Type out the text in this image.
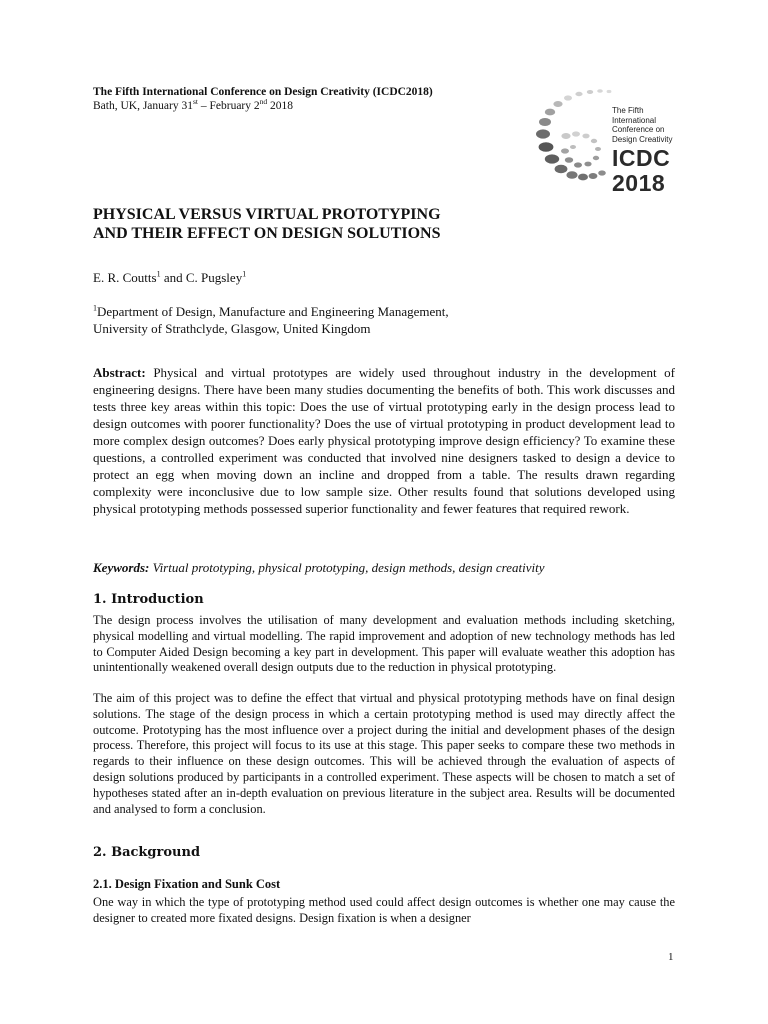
The Fifth International Conference on Design Creativity (ICDC2018)
Bath, UK, January 31st – February 2nd 2018	The Fifth
International
Conference on
Design Creativity
ICDC
2018
PHYSICAL VERSUS VIRTUAL PROTOTYPING
AND THEIR EFFECT ON DESIGN SOLUTIONS
E. R. Coutts$^1$ and C. Pugsley$^1$
$^1$Department of Design, Manufacture and Engineering Management,
University of Strathclyde, Glasgow, United Kingdom

Abstract: Physical and virtual prototypes are widely used throughout industry in the development of engineering designs. There have been many studies documenting the benefits of both. This work discusses and tests three key areas within this topic: Does the use of virtual prototyping early in the design process lead to design outcomes with poorer functionality? Does the use of virtual prototyping in product development lead to more complex design outcomes? Does early physical prototyping improve design efficiency? To examine these questions, a controlled experiment was conducted that involved nine designers tasked to design a device to protect an egg when moving down an incline and dropped from a table. The results drawn regarding complexity were inconclusive due to low sample size. Other results found that solutions developed using physical prototyping methods possessed superior functionality and fewer features that required rework.

Keywords: Virtual prototyping, physical prototyping, design methods, design creativity
1. Introduction

The design process involves the utilisation of many development and evaluation methods including sketching, physical modelling and virtual modelling. The rapid improvement and adoption of new technology methods has led to Computer Aided Design becoming a key part in development. This paper will evaluate weather this adoption has unintentionally weakened overall design outputs due to the reduction in physical prototyping.

The aim of this project was to define the effect that virtual and physical prototyping methods have on final design solutions. The stage of the design process in which a certain prototyping method is used may directly affect the outcome. Prototyping has the most influence over a project during the initial and development phases of the design process. Therefore, this project will focus to its use at this stage. This paper seeks to compare these two methods in regards to their influence on these design outcomes. This will be achieved through the evaluation of aspects of design solutions produced by participants in a controlled experiment. These aspects will be chosen to match a set of hypotheses stated after an in-depth evaluation on previous literature in the subject area. Results will be documented and analysed to form a conclusion.

2. Background
2.1. Design Fixation and Sunk Cost

One way in which the type of prototyping method used could affect design outcomes is whether one may cause the designer to created more fixated designs. Design fixation is when a designer

1
